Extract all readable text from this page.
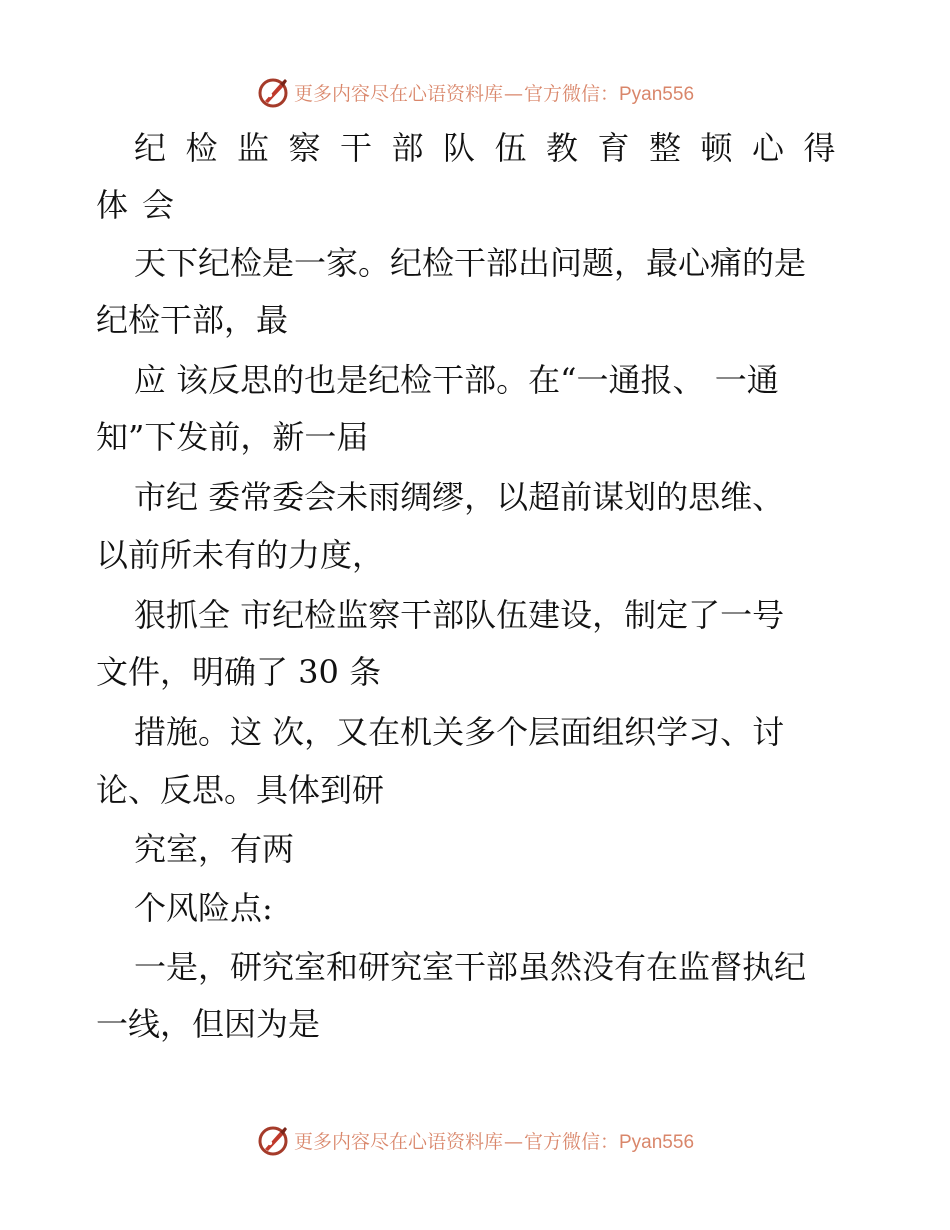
更多内容尽在心语资料库—官方微信：Pyan556
纪检监察干部队伍教育整顿心得
体会
天下纪检是一家。纪检干部出问题，最心痛的是
纪检干部，最
应 该反思的也是纪检干部。在“一通报、 一通
知”下发前，新一届
市纪 委常委会未雨绸缪，以超前谋划的思维、
以前所未有的力度，
狠抓全 市纪检监察干部队伍建设，制定了一号
文件，明确了 30 条
措施。这 次，又在机关多个层面组织学习、讨
论、反思。具体到研
究室，有两
个风险点:
一是，研究室和研究室干部虽然没有在监督执纪
一线，但因为是
更多内容尽在心语资料库—官方微信：Pyan556
